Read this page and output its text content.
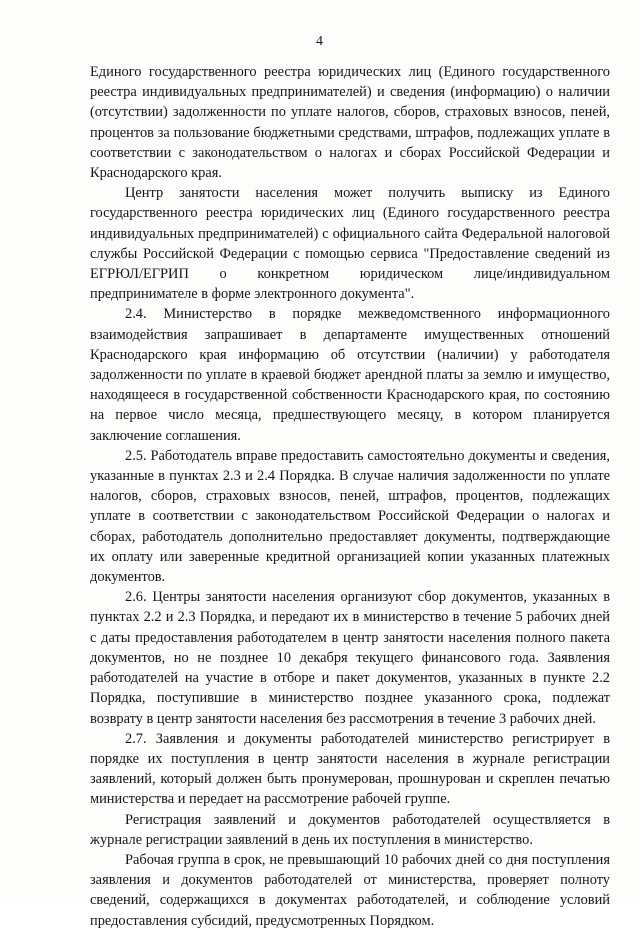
4

Единого государственного реестра юридических лиц (Единого государственного реестра индивидуальных предпринимателей) и сведения (информацию) о наличии (отсутствии) задолженности по уплате налогов, сборов, страховых взносов, пеней, процентов за пользование бюджетными средствами, штрафов, подлежащих уплате в соответствии с законодательством о налогах и сборах Российской Федерации и Краснодарского края.

Центр занятости населения может получить выписку из Единого государственного реестра юридических лиц (Единого государственного реестра индивидуальных предпринимателей) с официального сайта Федеральной налоговой службы Российской Федерации с помощью сервиса "Предоставление сведений из ЕГРЮЛ/ЕГРИП о конкретном юридическом лице/индивидуальном предпринимателе в форме электронного документа".

2.4. Министерство в порядке межведомственного информационного взаимодействия запрашивает в департаменте имущественных отношений Краснодарского края информацию об отсутствии (наличии) у работодателя задолженности по уплате в краевой бюджет арендной платы за землю и имущество, находящееся в государственной собственности Краснодарского края, по состоянию на первое число месяца, предшествующего месяцу, в котором планируется заключение соглашения.

2.5. Работодатель вправе предоставить самостоятельно документы и сведения, указанные в пунктах 2.3 и 2.4 Порядка. В случае наличия задолженности по уплате налогов, сборов, страховых взносов, пеней, штрафов, процентов, подлежащих уплате в соответствии с законодательством Российской Федерации о налогах и сборах, работодатель дополнительно предоставляет документы, подтверждающие их оплату или заверенные кредитной организацией копии указанных платежных документов.

2.6. Центры занятости населения организуют сбор документов, указанных в пунктах 2.2 и 2.3 Порядка, и передают их в министерство в течение 5 рабочих дней с даты предоставления работодателем в центр занятости населения полного пакета документов, но не позднее 10 декабря текущего финансового года. Заявления работодателей на участие в отборе и пакет документов, указанных в пункте 2.2 Порядка, поступившие в министерство позднее указанного срока, подлежат возврату в центр занятости населения без рассмотрения в течение 3 рабочих дней.

2.7. Заявления и документы работодателей министерство регистрирует в порядке их поступления в центр занятости населения в журнале регистрации заявлений, который должен быть пронумерован, прошнурован и скреплен печатью министерства и передает на рассмотрение рабочей группе.

Регистрация заявлений и документов работодателей осуществляется в журнале регистрации заявлений в день их поступления в министерство.

Рабочая группа в срок, не превышающий 10 рабочих дней со дня поступления заявления и документов работодателей от министерства, проверяет полноту сведений, содержащихся в документах работодателей, и соблюдение условий предоставления субсидий, предусмотренных Порядком.
